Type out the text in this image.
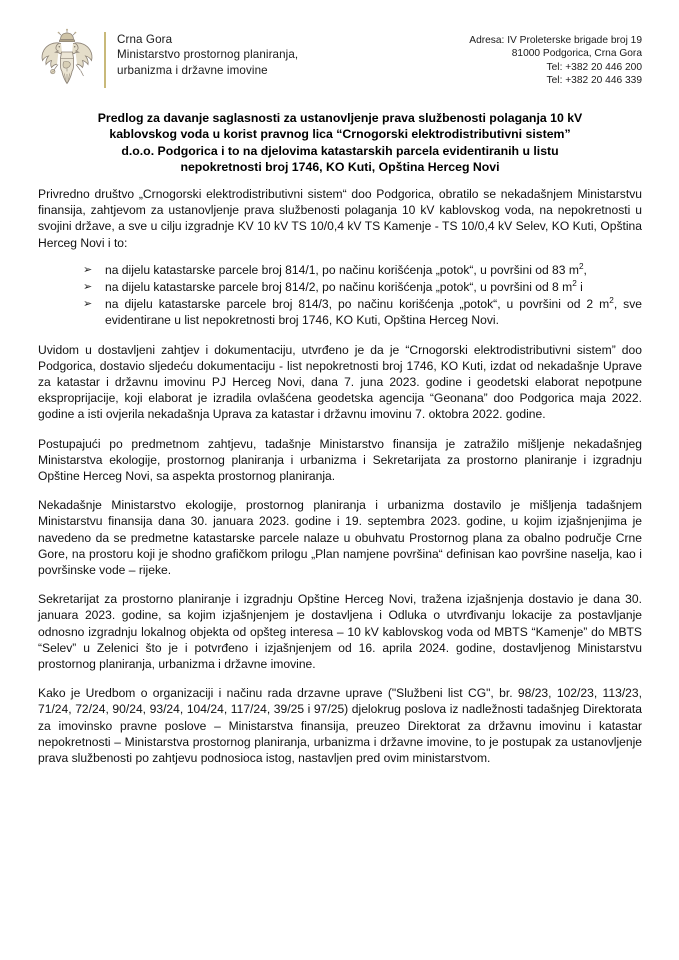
Crna Gora
Ministarstvo prostornog planiranja,
urbanizma i državne imovine
Adresa: IV Proleterske brigade broj 19
81000 Podgorica, Crna Gora
Tel: +382 20 446 200
Tel: +382 20 446 339
Predlog za davanje saglasnosti za ustanovljenje prava službenosti polaganja 10 kV
kablovskog voda u korist pravnog lica “Crnogorski elektrodistributivni sistem”
d.o.o. Podgorica i to na djelovima katastarskih parcela evidentiranih u listu
nepokretnosti broj 1746, KO Kuti, Opština Herceg Novi

Privredno društvo „Crnogorski elektrodistributivni sistem“ doo Podgorica, obratilo se nekadašnjem Ministarstvu finansija, zahtjevom za ustanovljenje prava službenosti polaganja 10 kV kablovskog voda, na nepokretnosti u svojini države, a sve u cilju izgradnje KV 10 kV TS 10/0,4 kV TS Kamenje - TS 10/0,4 kV Selev, KO Kuti, Opština Herceg Novi i to:

➢ na dijelu katastarske parcele broj 814/1, po načinu korišćenja „potok“, u površini od 83 $m^2$,
➢ na dijelu katastarske parcele broj 814/2, po načinu korišćenja „potok“, u površini od 8 $m^2$ i
➢ na dijelu katastarske parcele broj 814/3, po načinu korišćenja „potok“, u površini od 2 $m^2$, sve evidentirane u list nepokretnosti broj 1746, KO Kuti, Opština Herceg Novi.

Uvidom u dostavljeni zahtjev i dokumentaciju, utvrđeno je da je “Crnogorski elektrodistributivni sistem” doo Podgorica, dostavio sljedeću dokumentaciju - list nepokretnosti broj 1746, KO Kuti, izdat od nekadašnje Uprave za katastar i državnu imovinu PJ Herceg Novi, dana 7. juna 2023. godine i geodetski elaborat nepotpune eksproprijacije, koji elaborat je izradila ovlašćena geodetska agencija “Geonana” doo Podgorica maja 2022. godine a isti ovjerila nekadašnja Uprava za katastar i državnu imovinu 7. oktobra 2022. godine.

Postupajući po predmetnom zahtjevu, tadašnje Ministarstvo finansija je zatražilo mišljenje nekadašnjeg Ministarstva ekologije, prostornog planiranja i urbanizma i Sekretarijata za prostorno planiranje i izgradnju Opštine Herceg Novi, sa aspekta prostornog planiranja.

Nekadašnje Ministarstvo ekologije, prostornog planiranja i urbanizma dostavilo je mišljenja tadašnjem Ministarstvu finansija dana 30. januara 2023. godine i 19. septembra 2023. godine, u kojim izjašnjenjima je navedeno da se predmetne katastarske parcele nalaze u obuhvatu Prostornog plana za obalno područje Crne Gore, na prostoru koji je shodno grafičkom prilogu „Plan namjene površina“ definisan kao površine naselja, kao i površinske vode – rijeke.

Sekretarijat za prostorno planiranje i izgradnju Opštine Herceg Novi, tražena izjašnjenja dostavio je dana 30. januara 2023. godine, sa kojim izjašnjenjem je dostavljena i Odluka o utvrđivanju lokacije za postavljanje odnosno izgradnju lokalnog objekta od opšteg interesa – 10 kV kablovskog voda od MBTS “Kamenje” do MBTS “Selev” u Zelenici što je i potvrđeno i izjašnjenjem od 16. aprila 2024. godine, dostavljenog Ministarstvu prostornog planiranja, urbanizma i državne imovine.

Kako je Uredbom o organizaciji i načinu rada drzavne uprave ("Službeni list CG", br. 98/23, 102/23, 113/23, 71/24, 72/24, 90/24, 93/24, 104/24, 117/24, 39/25 i 97/25) djelokrug poslova iz nadležnosti tadašnjeg Direktorata za imovinsko pravne poslove – Ministarstva finansija, preuzeo Direktorat za državnu imovinu i katastar nepokretnosti – Ministarstva prostornog planiranja, urbanizma i državne imovine, to je postupak za ustanovljenje prava službenosti po zahtjevu podnosioca istog, nastavljen pred ovim ministarstvom.
